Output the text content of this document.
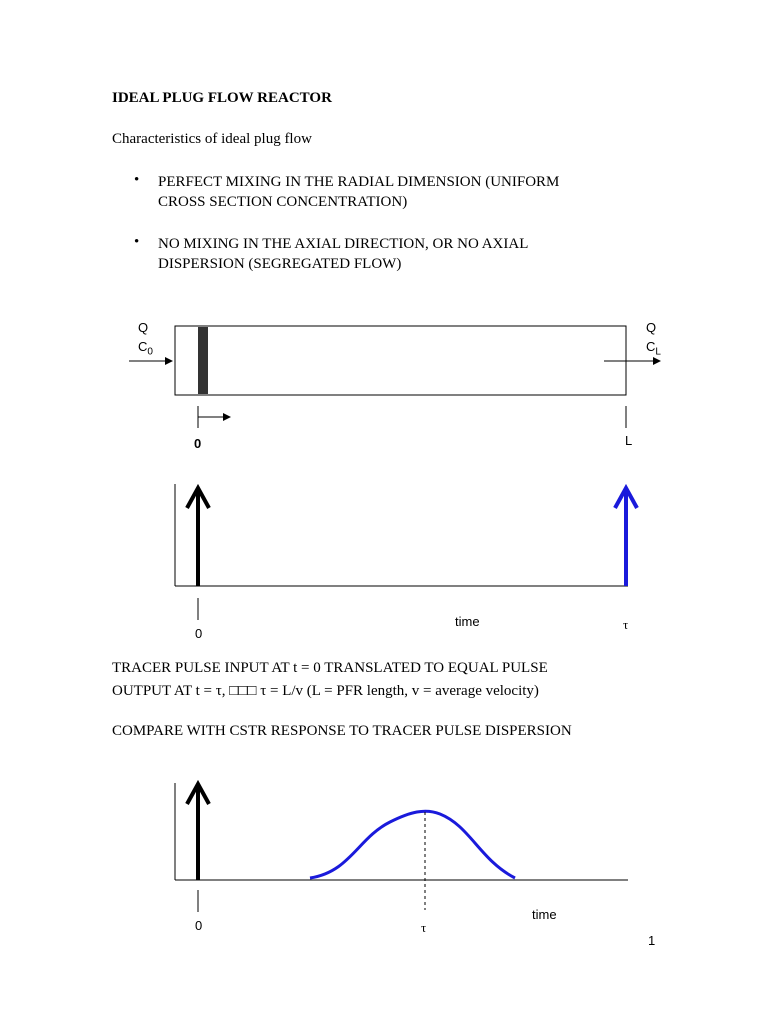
IDEAL PLUG FLOW REACTOR
Characteristics of ideal plug flow
• PERFECT MIXING IN THE RADIAL DIMENSION (UNIFORM
CROSS SECTION CONCENTRATION)
• NO MIXING IN THE AXIAL DIRECTION, OR NO AXIAL
DISPERSION (SEGREGATED FLOW)
Q
$C_0$
Q
$C_L$
0	L
0
time	τ
TRACER PULSE INPUT AT t = 0 TRANSLATED TO EQUAL PULSE
OUTPUT AT t = τ, □□□ τ = L/v (L = PFR length, v = average velocity)
COMPARE WITH CSTR RESPONSE TO TRACER PULSE DISPERSION
0	τ
time
1
